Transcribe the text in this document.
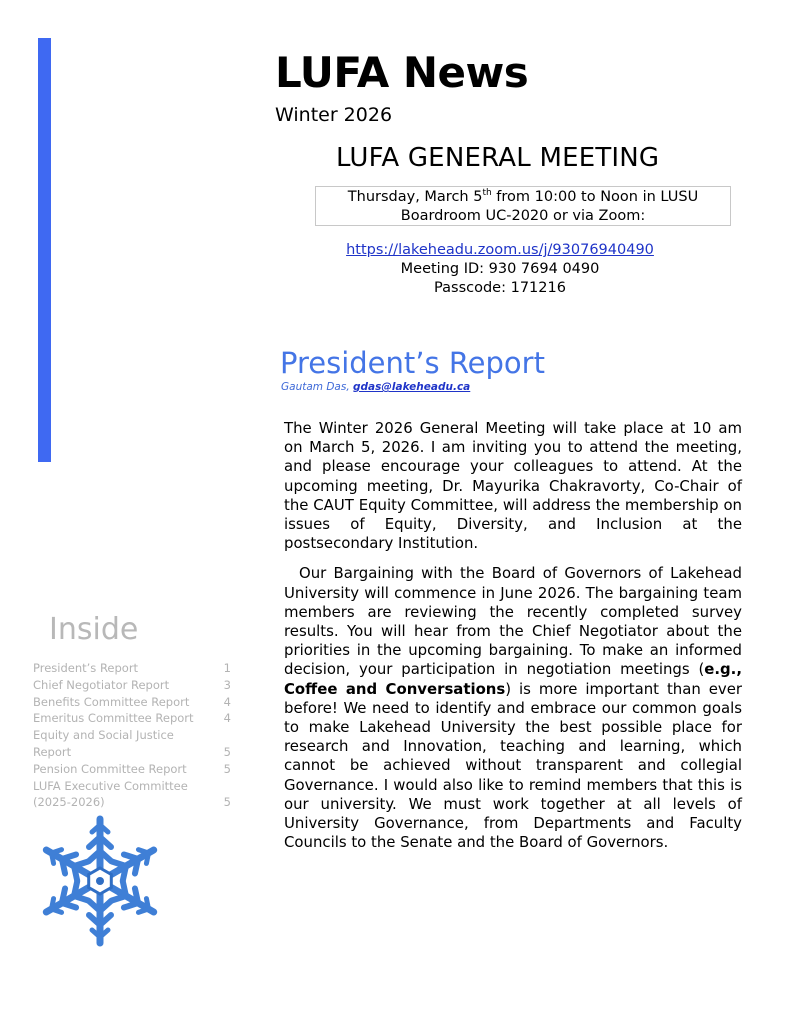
LUFA News
Winter 2026
LUFA GENERAL MEETING
Thursday, March 5th from 10:00 to Noon in LUSU
Boardroom UC-2020 or via Zoom:
https://lakeheadu.zoom.us/j/93076940490
Meeting ID: 930 7694 0490
Passcode: 171216
President’s Report
Gautam Das, gdas@lakeheadu.ca

The Winter 2026 General Meeting will take place at 10 am on March 5, 2026. I am inviting you to attend the meeting, and please encourage your colleagues to attend. At the upcoming meeting, Dr. Mayurika Chakravorty, Co-Chair of the CAUT Equity Committee, will address the membership on issues of Equity, Diversity, and Inclusion at the postsecondary Institution.

Our Bargaining with the Board of Governors of Lakehead University will commence in June 2026. The bargaining team members are reviewing the recently completed survey results. You will hear from the Chief Negotiator about the priorities in the upcoming bargaining. To make an informed decision, your participation in negotiation meetings (e.g., Coffee and Conversations) is more important than ever before! We need to identify and embrace our common goals to make Lakehead University the best possible place for research and Innovation, teaching and learning, which cannot be achieved without transparent and collegial Governance. I would also like to remind members that this is our university. We must work together at all levels of University Governance, from Departments and Faculty Councils to the Senate and the Board of Governors.

Inside
President’s Report	1
Chief Negotiator Report	3
Benefits Committee Report	4
Emeritus Committee Report	4
Equity and Social Justice
Report	5
Pension Committee Report	5
LUFA Executive Committee
(2025-2026)	5
